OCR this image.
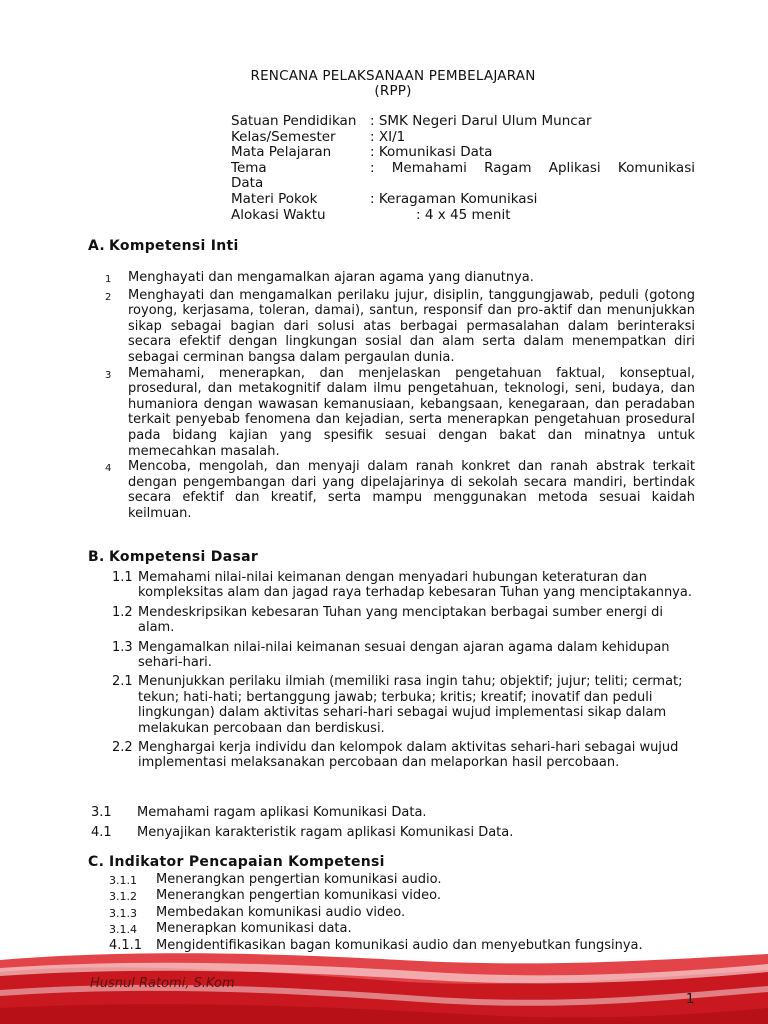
RENCANA PELAKSANAAN PEMBELAJARAN
(RPP)
Satuan Pendidikan	: SMK Negeri Darul Ulum Muncar
Kelas/Semester	: XI/1
Mata Pelajaran	: Komunikasi Data
Tema	: Memahami Ragam Aplikasi Komunikasi
Data
Materi Pokok	: Keragaman Komunikasi
Alokasi Waktu	: 4 x 45 menit
A. Kompetensi Inti
1	Menghayati dan mengamalkan ajaran agama yang dianutnya.
2	Menghayati dan mengamalkan perilaku jujur, disiplin, tanggungjawab, peduli (gotong royong, kerjasama, toleran, damai), santun, responsif dan pro-aktif dan menunjukkan sikap sebagai bagian dari solusi atas berbagai permasalahan dalam berinteraksi secara efektif dengan lingkungan sosial dan alam serta dalam menempatkan diri sebagai cerminan bangsa dalam pergaulan dunia.
3	Memahami, menerapkan, dan menjelaskan pengetahuan faktual, konseptual, prosedural, dan metakognitif dalam ilmu pengetahuan, teknologi, seni, budaya, dan humaniora dengan wawasan kemanusiaan, kebangsaan, kenegaraan, dan peradaban terkait penyebab fenomena dan kejadian, serta menerapkan pengetahuan prosedural pada bidang kajian yang spesifik sesuai dengan bakat dan minatnya untuk memecahkan masalah.
4	Mencoba, mengolah, dan menyaji dalam ranah konkret dan ranah abstrak terkait dengan pengembangan dari yang dipelajarinya di sekolah secara mandiri, bertindak secara efektif dan kreatif, serta mampu menggunakan metoda sesuai kaidah keilmuan.
B. Kompetensi Dasar
1.1 Memahami nilai-nilai keimanan dengan menyadari hubungan keteraturan dan kompleksitas alam dan jagad raya terhadap kebesaran Tuhan yang menciptakannya.
1.2 Mendeskripsikan kebesaran Tuhan yang menciptakan berbagai sumber energi di alam.
1.3 Mengamalkan nilai-nilai keimanan sesuai dengan ajaran agama dalam kehidupan sehari-hari.
2.1 Menunjukkan perilaku ilmiah (memiliki rasa ingin tahu; objektif; jujur; teliti; cermat; tekun; hati-hati; bertanggung jawab; terbuka; kritis; kreatif; inovatif dan peduli lingkungan) dalam aktivitas sehari-hari sebagai wujud implementasi sikap dalam melakukan percobaan dan berdiskusi.
2.2 Menghargai kerja individu dan kelompok dalam aktivitas sehari-hari sebagai wujud implementasi melaksanakan percobaan dan melaporkan hasil percobaan.
3.1	Memahami ragam aplikasi Komunikasi Data.
4.1	Menyajikan karakteristik ragam aplikasi Komunikasi Data.
C. Indikator Pencapaian Kompetensi
3.1.1	Menerangkan pengertian komunikasi audio.
3.1.2	Menerangkan pengertian komunikasi video.
3.1.3	Membedakan komunikasi audio video.
3.1.4	Menerapkan komunikasi data.
4.1.1	Mengidentifikasikan bagan komunikasi audio dan menyebutkan fungsinya.
Husnul Ratomi, S.Kom
1
